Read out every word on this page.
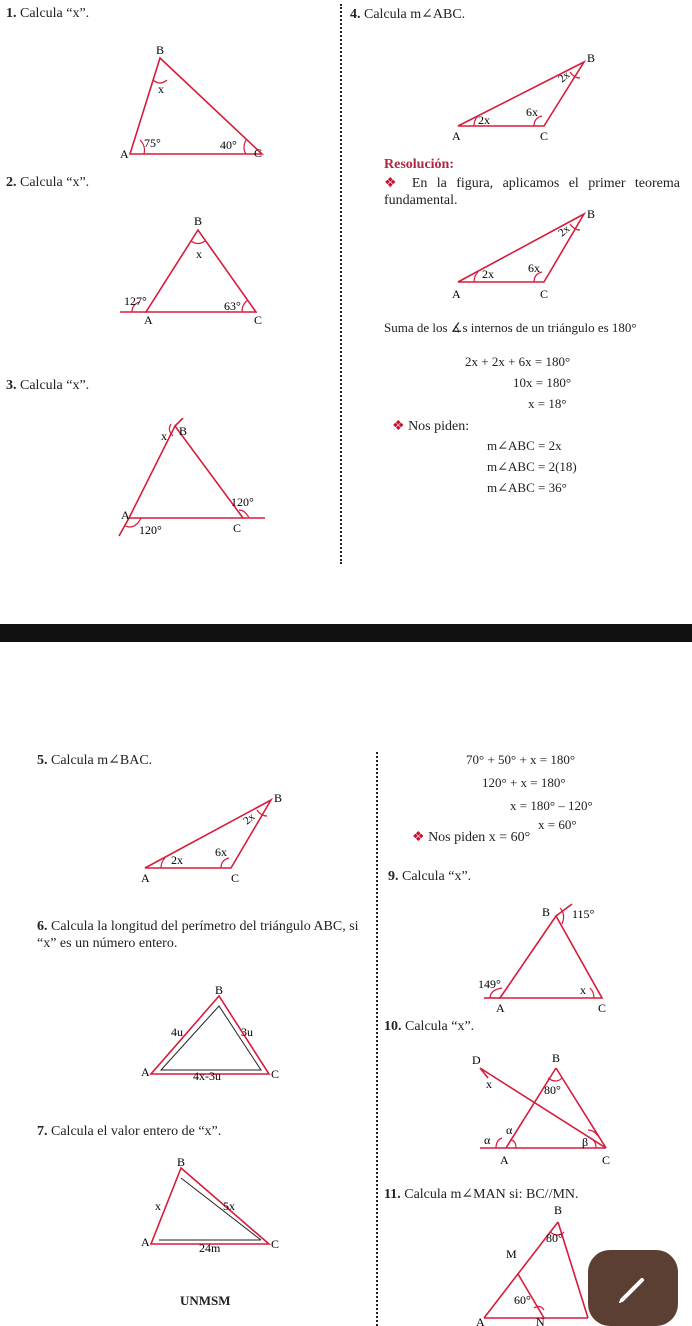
1. Calcula “x”.
B
x
A
75°	40°
C
2. Calcula “x”.
B
x
127°	63°
A	C
3. Calcula “x”.
x B
120°
A
120°	C
4. Calcula m∠ABC.
B
2x
2x
6x
A	C
Resolución:
❖ En la figura, aplicamos el primer teorema fundamental.
B
2x
2x	6x
A	C
Suma de los ∡s internos de un triángulo es 180°
2x + 2x + 6x = 180°
10x = 180°
x = 18°
❖ Nos piden:
m∠ABC = 2x
m∠ABC = 2(18)
m∠ABC = 36°
5. Calcula m∠BAC.
B
2x
2x
6x
A	C
6. Calcula la longitud del perímetro del triángulo ABC, si “x” es un número entero.
B
4u	3u
A	4x-3u	C
7. Calcula el valor entero de “x”.
B
x	5x
A	24m	C
UNMSM
70° + 50° + x = 180°
120° + x = 180°
x = 180° – 120°
x = 60°
❖ Nos piden x = 60°
9. Calcula “x”.
B 115°
149°	x
A	C
10. Calcula “x”.
D	B
x	80°
α
α
β
A	C
11. Calcula m∠MAN si: BC//MN.
B
80°
M
60°
A	N
